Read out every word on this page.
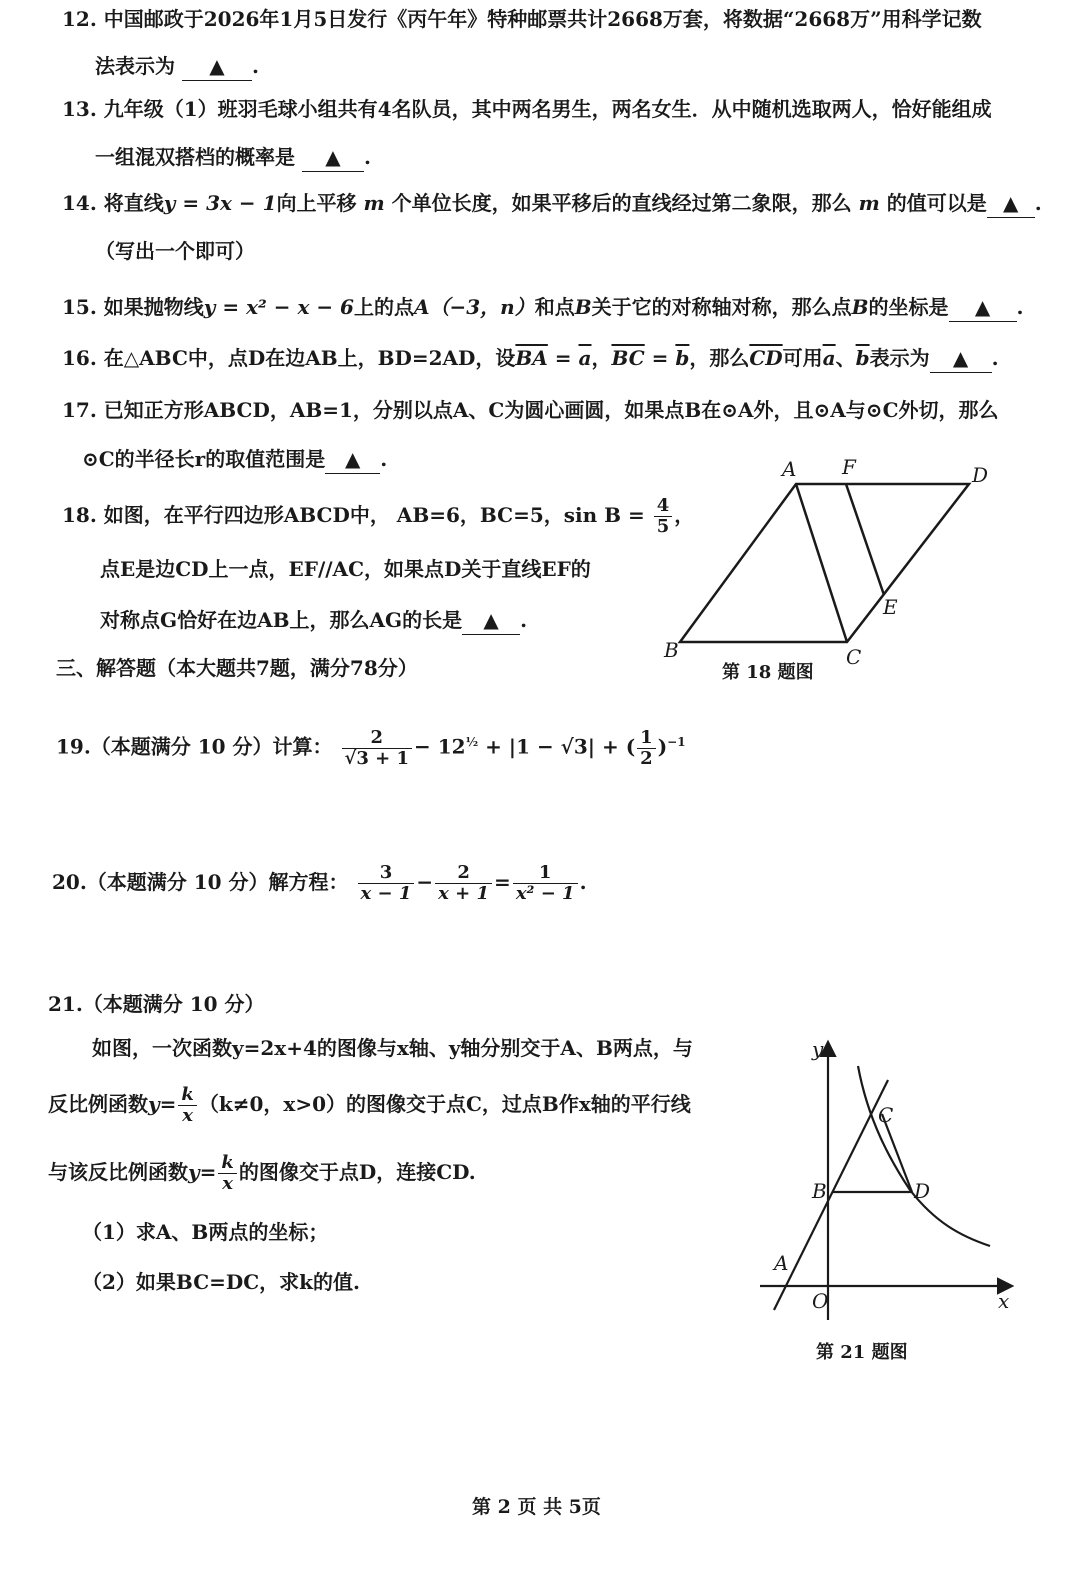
12. 中国邮政于2026年1月5日发行《丙午年》特种邮票共计2668万套，将数据“2668万”用科学记数
法表示为 ▲ .
13. 九年级（1）班羽毛球小组共有4名队员，其中两名男生，两名女生．从中随机选取两人，恰好能组成
一组混双搭档的概率是 ▲ .
14. 将直线y = 3x − 1向上平移 m 个单位长度，如果平移后的直线经过第二象限，那么 m 的值可以是 ▲ .
（写出一个即可）
15. 如果抛物线y = x² − x − 6上的点A（−3，n）和点B关于它的对称轴对称，那么点B的坐标是 ▲ .
16. 在△ABC中，点D在边AB上，BD=2AD，设$\overline{BA} = \overline{a}$，$\overline{BC} = \overline{b}$，那么$\overline{CD}$可用$\overline{a}$、$\overline{b}$表示为 ▲ .
17. 已知正方形ABCD，AB=1，分别以点A、C为圆心画圆，如果点B在⊙A外，且⊙A与⊙C外切，那么
⊙C的半径长r的取值范围是 ▲ .
18. 如图，在平行四边形ABCD中， AB=6，BC=5，$\sin B = \frac{4}{5}$ ，
点E是边CD上一点，EF//AC，如果点D关于直线EF的
对称点G恰好在边AB上，那么AG的长是 ▲ .
A F	D
E
B	C
第 18 题图
三、解答题（本大题共7题，满分78分）
19.（本题满分 10 分）计算： $\frac{2}{√3 + 1} - 12^{\frac{1}{2}} + |1 - √3|$ + ( $\frac{1}{2} )^{-1}$
20.（本题满分 10 分）解方程： $\frac{3}{x - 1} - \frac{2}{x + 1} = \frac{1}{\text{x² − 1}}$ .
21.（本题满分 10 分）
如图，一次函数y=2x+4的图像与x轴、y轴分别交于A、B两点，与
反比例函数$y= \frac{k}{x} (k\ne 0$，x>0）的图像交于点C，过点B作x轴的平行线
与该反比例函数$y= \frac{k}{x}$ 的图像交于点D，连接CD.
（1）求A、B两点的坐标；
（2）如果BC=DC，求k的值.
y
x
O
A
B
C
D
第 21 题图
第 2 页 共 5页
